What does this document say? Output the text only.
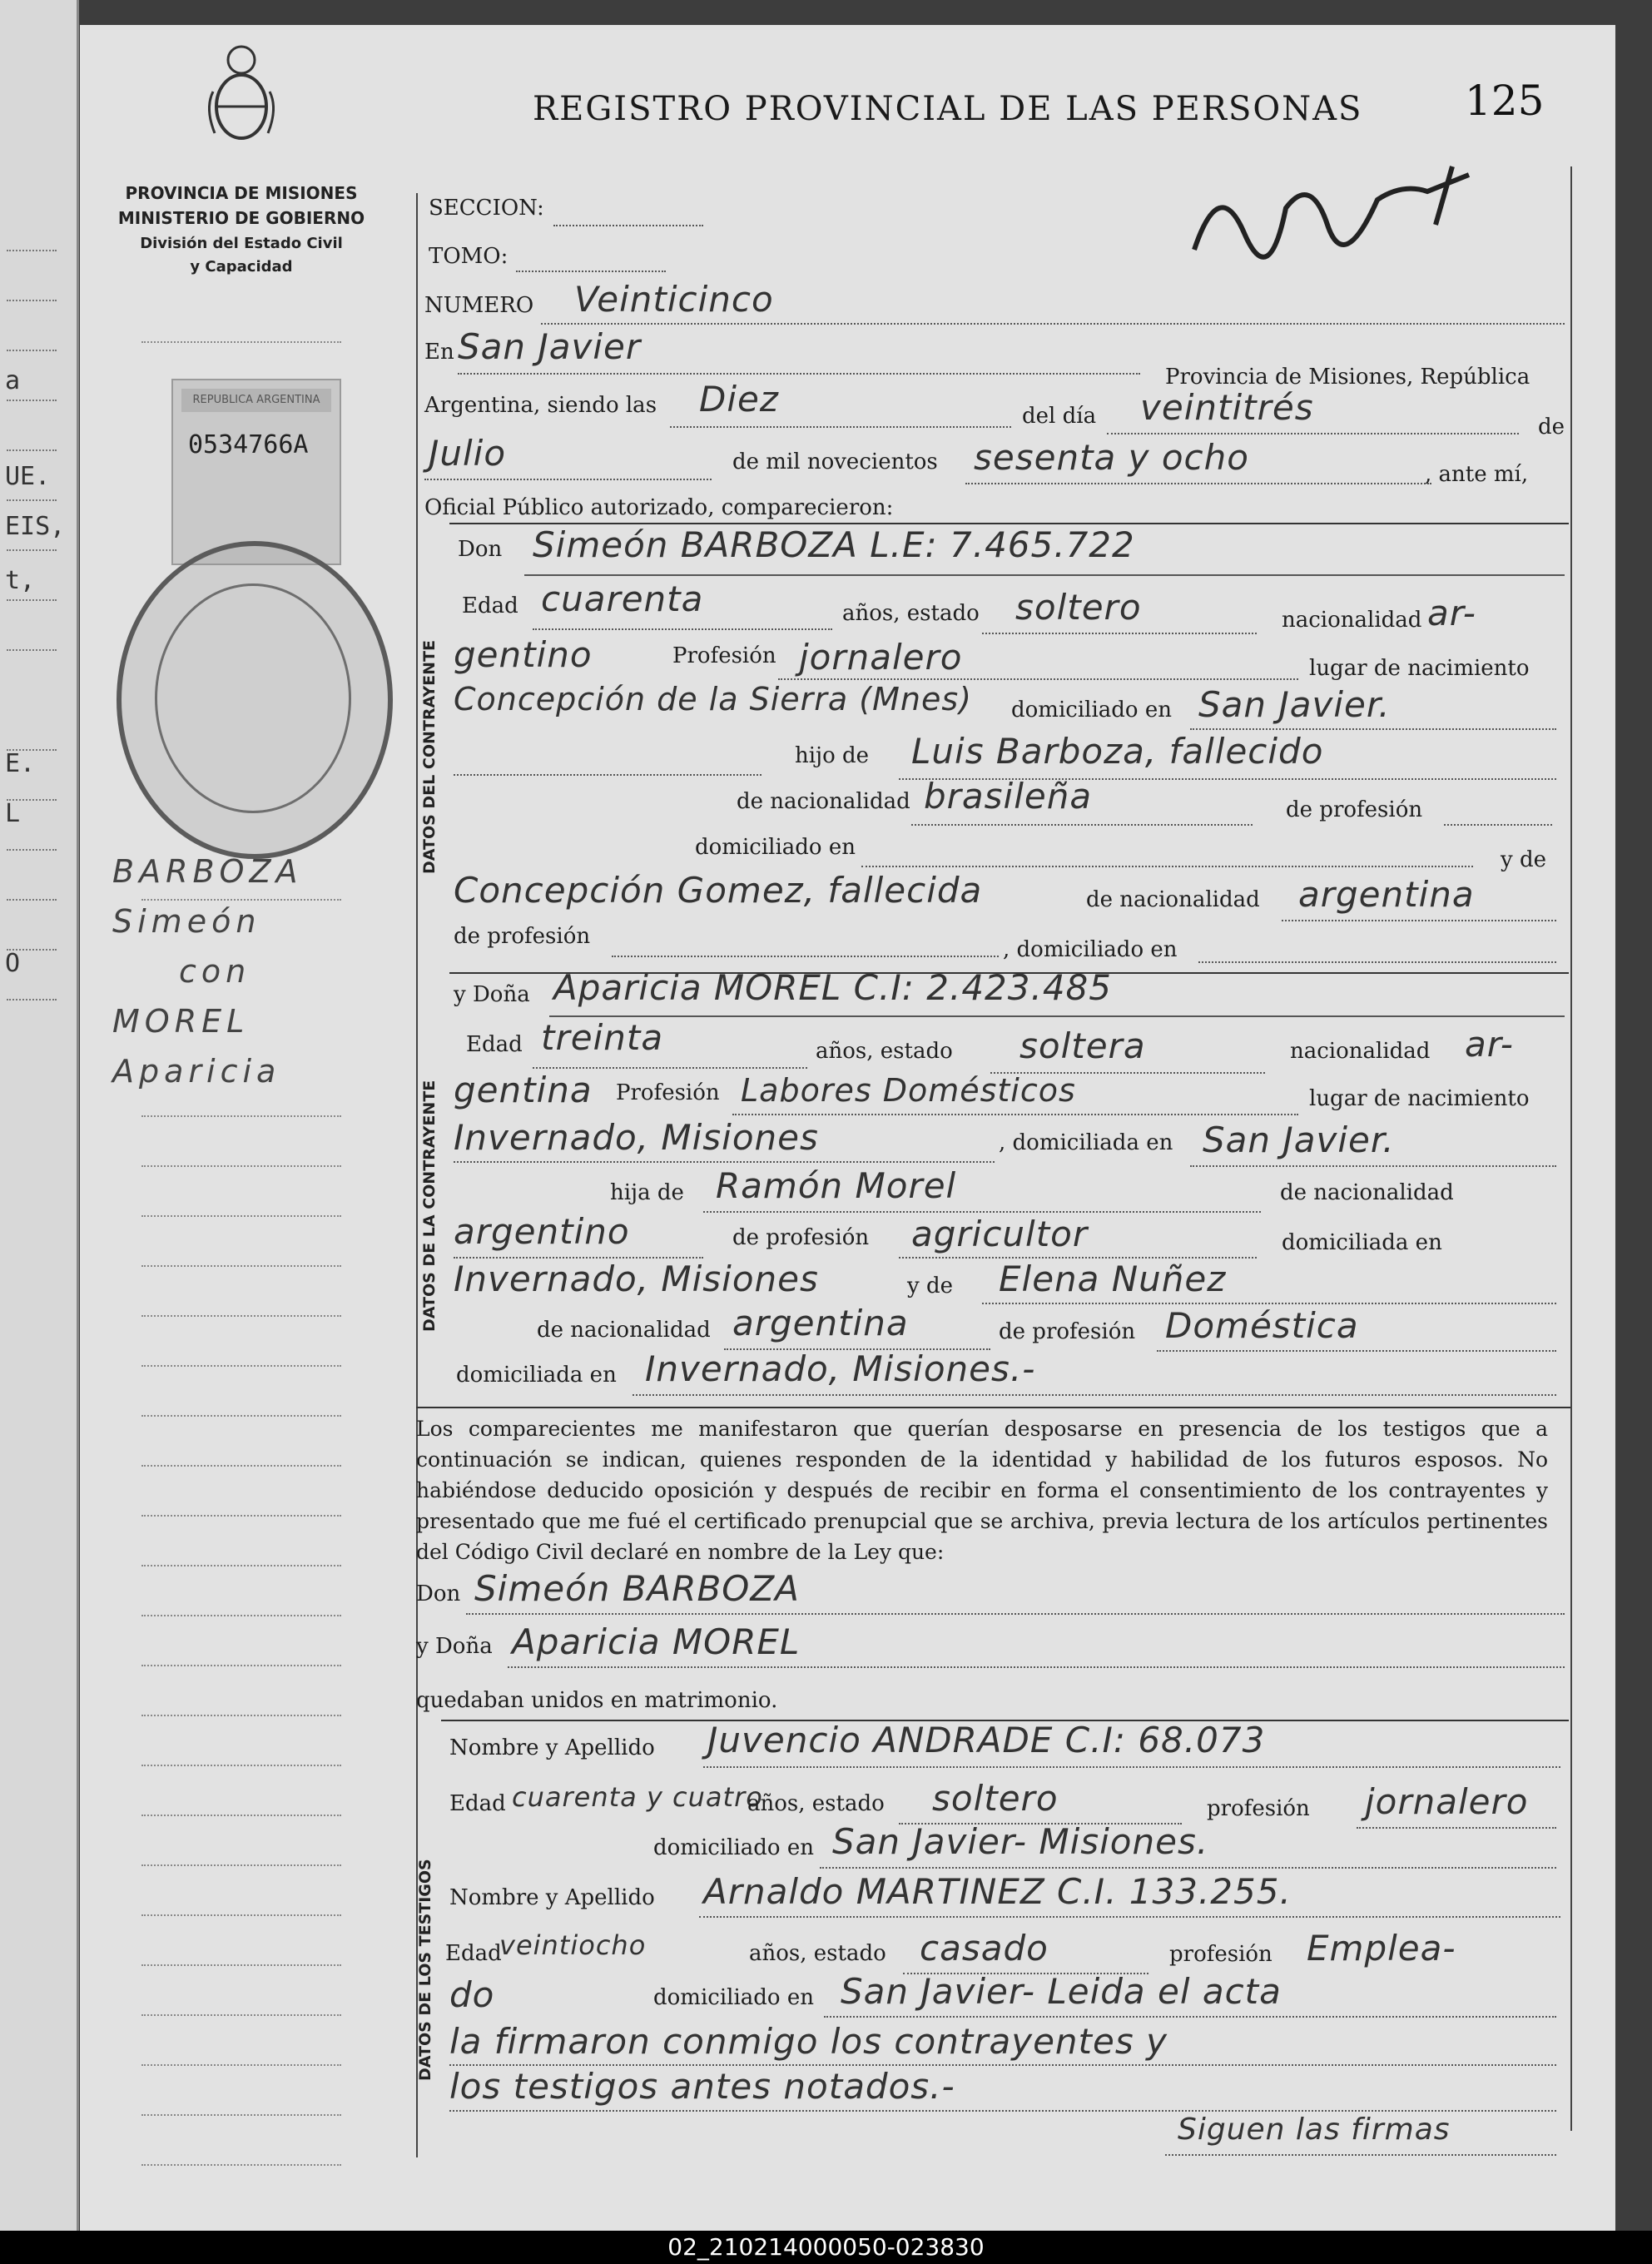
a
UE.
EIS,
t,
E.
L
O
REGISTRO PROVINCIAL DE LAS PERSONAS 125
PROVINCIA DE MISIONES
MINISTERIO DE GOBIERNO
División del Estado Civil
y Capacidad
REPUBLICA ARGENTINA
0534766A
BARBOZA
Simeón
con
MOREL
Aparicia
SECCION:
TOMO:
NUMERO Veinticinco
En San Javier
Provincia de Misiones, República
Argentina, siendo las Diez	del día veintitrés	de
Julio	de mil novecientos sesenta y ocho	, ante mí,
Oficial Público autorizado, comparecieron:
DATOS DEL CONTRAYENTE
Don Simeón BARBOZA L.E: 7.465.722
Edad cuarenta	años, estado soltero	nacionalidad ar-
gentino	Profesión jornalero	lugar de nacimiento
Concepción de la Sierra (Mnes) domiciliado en San Javier.
hijo de Luis Barboza, fallecido
de nacionalidad brasileña	de profesión
domiciliado en	y de
Concepción Gomez, fallecida	de nacionalidad argentina
de profesión
, domiciliado en
DATOS DE LA CONTRAYENTE
y Doña Aparicia MOREL C.I: 2.423.485
Edad treinta	años, estado soltera	nacionalidad ar-
gentina Profesión Labores Domésticos	lugar de nacimiento
Invernado, Misiones	, domiciliada en San Javier.
hija de Ramón Morel	de nacionalidad
argentino	de profesión agricultor	domiciliada en
Invernado, Misiones	y de Elena Nuñez
de nacionalidad argentina	de profesión Doméstica
domiciliada en Invernado, Misiones.-
Los comparecientes me manifestaron que querían desposarse en presencia de los testigos que a continuación se indican, quienes responden de la identidad y habilidad de los futuros esposos. No habiéndose deducido oposición y después de recibir en forma el consentimiento de los contrayentes y presentado que me fué el certificado prenupcial que se archiva, previa lectura de los artículos pertinentes del Código Civil declaré en nombre de la Ley que:
Don Simeón BARBOZA
y Doña Aparicia MOREL
quedaban unidos en matrimonio.
DATOS DE LOS TESTIGOS
Nombre y Apellido Juvencio ANDRADE C.I: 68.073
Edad cuarenta y cuatro
años, estado soltero	profesión jornalero
domiciliado en San Javier- Misiones.
Nombre y Apellido Arnaldo MARTINEZ C.I. 133.255.
Edad
veintiocho	años, estado casado	profesión Emplea-
do	domiciliado en San Javier- Leida el acta
la firmaron conmigo los contrayentes y
los testigos antes notados.-
Siguen las firmas
02_210214000050-023830
